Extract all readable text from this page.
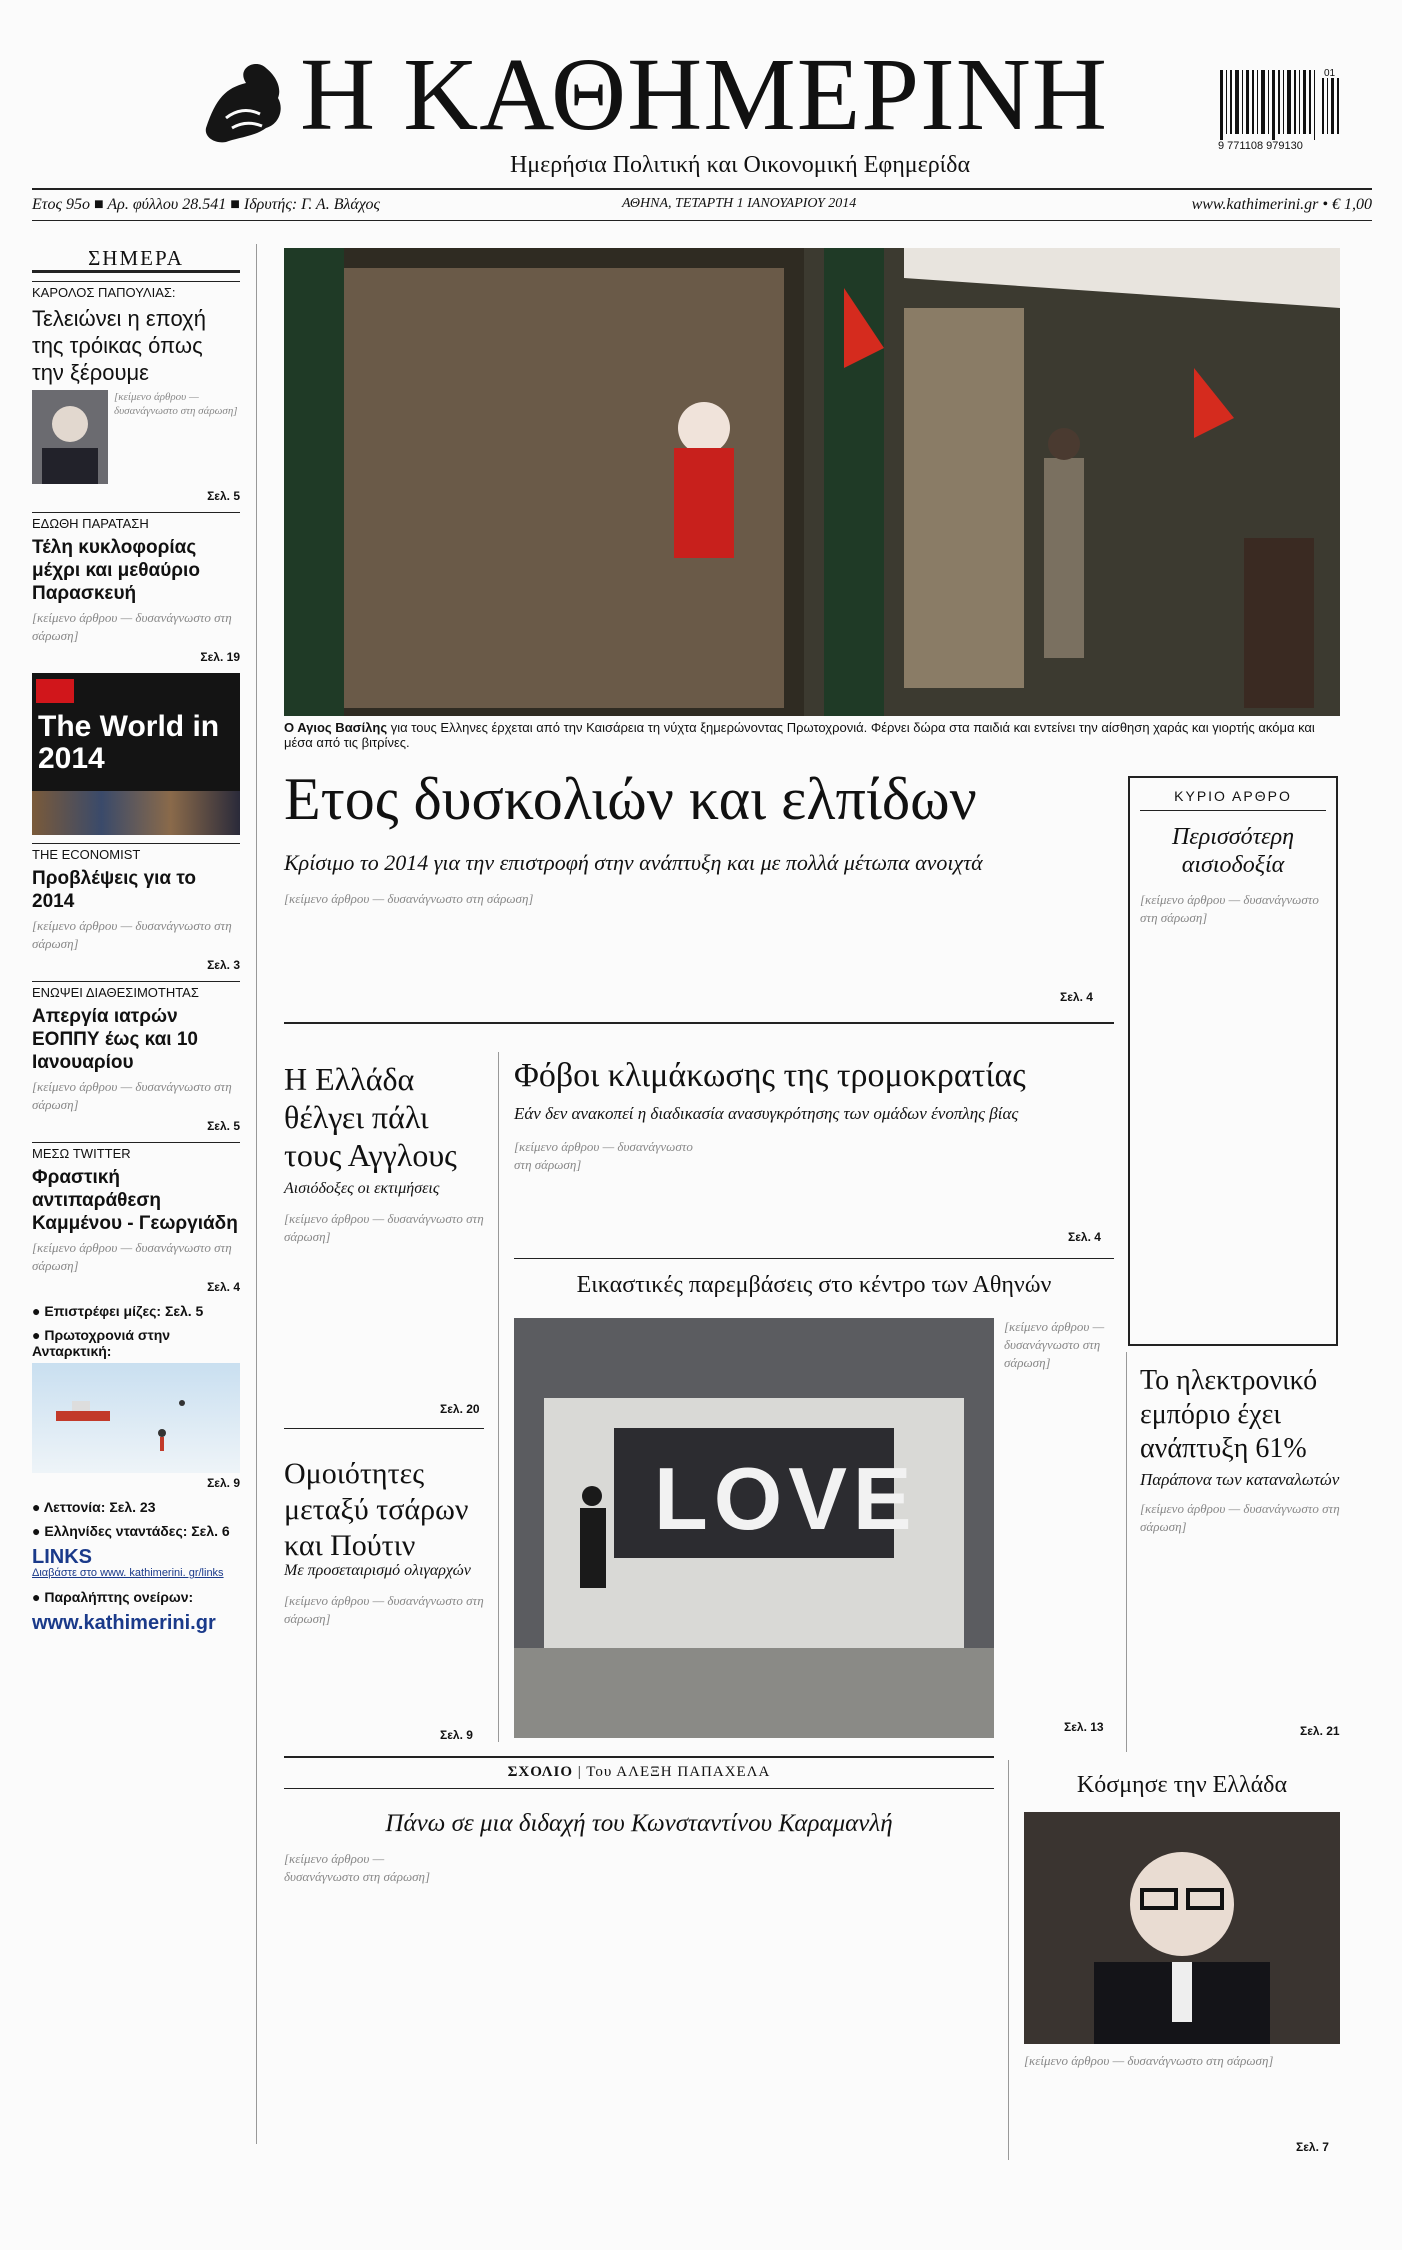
Η ΚΑΘΗΜΕΡΙΝΗ
Ημερήσια Πολιτική και Οικονομική Εφημερίδα
9 771108 979130
01
Ετος 95ο ■ Αρ. φύλλου 28.541 ■ Ιδρυτής: Γ. Α. Βλάχος	ΑΘΗΝΑ, ΤΕΤΑΡΤΗ 1 ΙΑΝΟΥΑΡΙΟΥ 2014	www.kathimerini.gr • € 1,00
ΣΗΜΕΡΑ
ΚΑΡΟΛΟΣ ΠΑΠΟΥΛΙΑΣ:
Τελειώνει η εποχή της τρόικας όπως την ξέρουμε
[κείμενο άρθρου — δυσανάγνωστο στη σάρωση]
Σελ. 5
ΕΔΩΘΗ ΠΑΡΑΤΑΣΗ
Τέλη κυκλοφορίας μέχρι και μεθαύριο Παρασκευή
[κείμενο άρθρου — δυσανάγνωστο στη σάρωση]
Σελ. 19
The World in 2014
THE ECONOMIST
Προβλέψεις για το 2014
[κείμενο άρθρου — δυσανάγνωστο στη σάρωση]
Σελ. 3
ΕΝΩΨΕΙ ΔΙΑΘΕΣΙΜΟΤΗΤΑΣ
Απεργία ιατρών ΕΟΠΠΥ έως και 10 Ιανουαρίου
[κείμενο άρθρου — δυσανάγνωστο στη σάρωση]
Σελ. 5
ΜΕΣΩ TWITTER
Φραστική αντιπαράθεση Καμμένου - Γεωργιάδη
[κείμενο άρθρου — δυσανάγνωστο στη σάρωση]
Σελ. 4
● Επιστρέφει μίζες: Σελ. 5
● Πρωτοχρονιά στην Ανταρκτική:
Σελ. 9
● Λεττονία: Σελ. 23
● Ελληνίδες νταντάδες: Σελ. 6
LINKS
Διαβάστε στο www. kathimerini. gr/links
● Παραλήπτης ονείρων:
www.kathimerini.gr
Ο Αγιος Βασίλης για τους Ελληνες έρχεται από την Καισάρεια τη νύχτα ξημερώνοντας Πρωτοχρονιά. Φέρνει δώρα στα παιδιά και εντείνει την αίσθηση χαράς και γιορτής ακόμα και μέσα από τις βιτρίνες.
Ετος δυσκολιών και ελπίδων
Κρίσιμο το 2014 για την επιστροφή στην ανάπτυξη και με πολλά μέτωπα ανοιχτά
[κείμενο άρθρου — δυσανάγνωστο στη σάρωση]
Σελ. 4
ΚΥΡΙΟ ΑΡΘΡΟ
Περισσότερη αισιοδοξία
[κείμενο άρθρου — δυσανάγνωστο στη σάρωση]
Η Ελλάδα θέλγει πάλι τους Αγγλους
Αισιόδοξες οι εκτιμήσεις
[κείμενο άρθρου — δυσανάγνωστο στη σάρωση]
Σελ. 20
Ομοιότητες μεταξύ τσάρων και Πούτιν
Με προσεταιρισμό ολιγαρχών
[κείμενο άρθρου — δυσανάγνωστο στη σάρωση]
Σελ. 9
Φόβοι κλιμάκωσης της τρομοκρατίας
Εάν δεν ανακοπεί η διαδικασία ανασυγκρότησης των ομάδων ένοπλης βίας
[κείμενο άρθρου — δυσανάγνωστο στη σάρωση]
Σελ. 4
Εικαστικές παρεμβάσεις στο κέντρο των Αθηνών
LOVE
[κείμενο άρθρου — δυσανάγνωστο στη σάρωση]
Σελ. 13
Το ηλεκτρονικό εμπόριο έχει ανάπτυξη 61%
Παράπονα των καταναλωτών
[κείμενο άρθρου — δυσανάγνωστο στη σάρωση]
Σελ. 21
ΣΧΟΛΙΟ | Του ΑΛΕΞΗ ΠΑΠΑΧΕΛΑ
Πάνω σε μια διδαχή του Κωνσταντίνου Καραμανλή
[κείμενο άρθρου — δυσανάγνωστο στη σάρωση]
Κόσμησε την Ελλάδα
[κείμενο άρθρου — δυσανάγνωστο στη σάρωση]
Σελ. 7
